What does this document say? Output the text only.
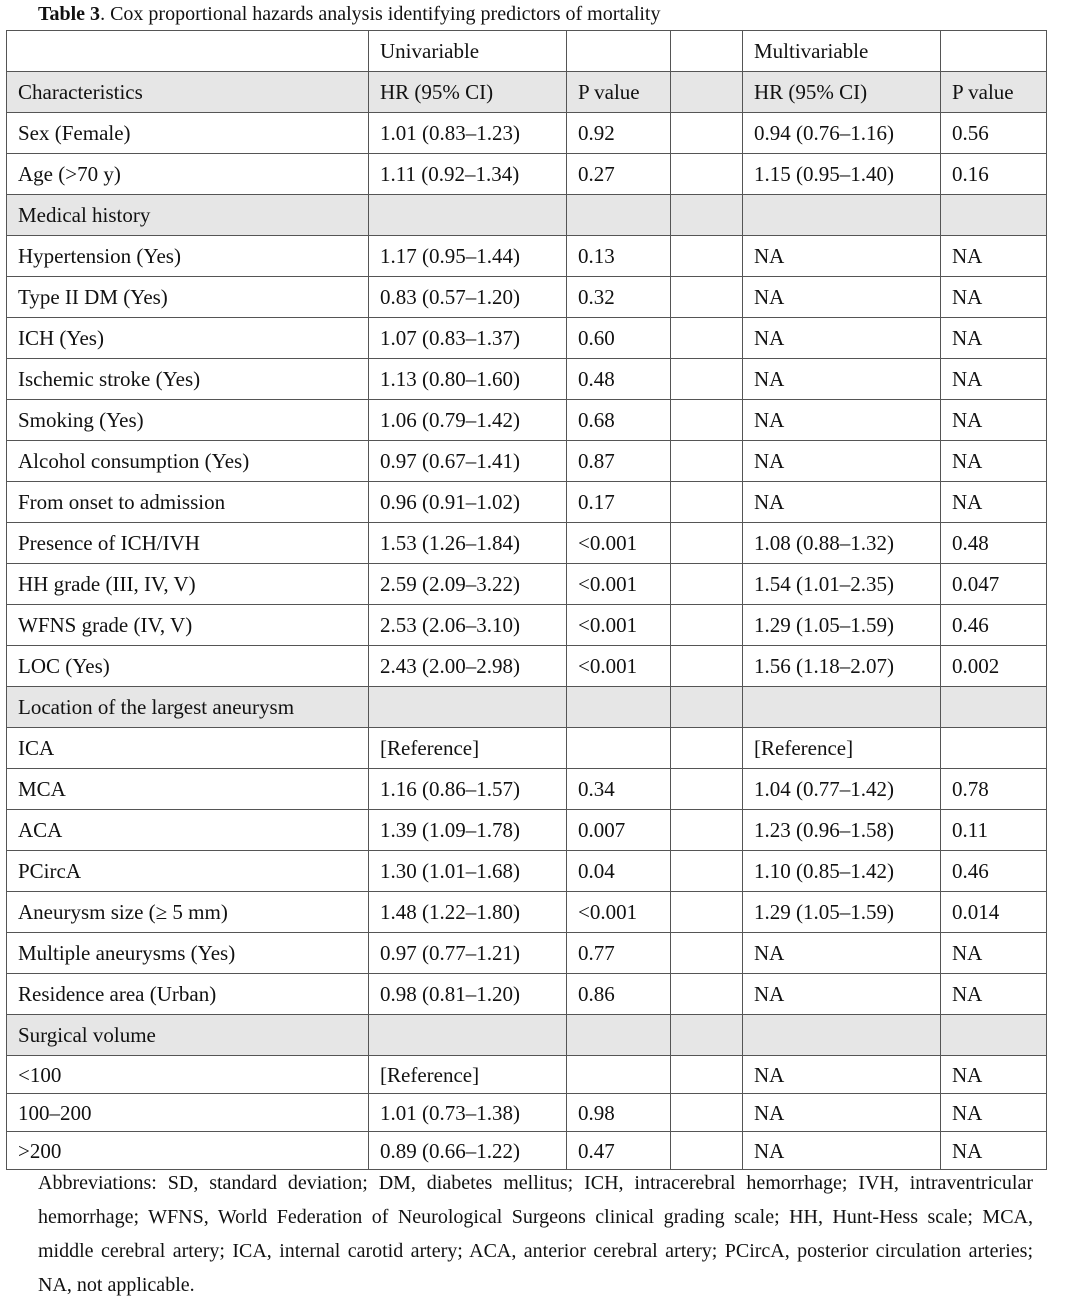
Table 3. Cox proportional hazards analysis identifying predictors of mortality
	Univariable			Multivariable	
Characteristics	HR (95% CI)	P value		HR (95% CI)	P value
Sex (Female)	1.01 (0.83–1.23)	0.92		0.94 (0.76–1.16)	0.56
Age (>70 y)	1.11 (0.92–1.34)	0.27		1.15 (0.95–1.40)	0.16
Medical history					
Hypertension (Yes)	1.17 (0.95–1.44)	0.13		NA	NA
Type II DM (Yes)	0.83 (0.57–1.20)	0.32		NA	NA
ICH (Yes)	1.07 (0.83–1.37)	0.60		NA	NA
Ischemic stroke (Yes)	1.13 (0.80–1.60)	0.48		NA	NA
Smoking (Yes)	1.06 (0.79–1.42)	0.68		NA	NA
Alcohol consumption (Yes)	0.97 (0.67–1.41)	0.87		NA	NA
From onset to admission	0.96 (0.91–1.02)	0.17		NA	NA
Presence of ICH/IVH	1.53 (1.26–1.84)	<0.001		1.08 (0.88–1.32)	0.48
HH grade (III, IV, V)	2.59 (2.09–3.22)	<0.001		1.54 (1.01–2.35)	0.047
WFNS grade (IV, V)	2.53 (2.06–3.10)	<0.001		1.29 (1.05–1.59)	0.46
LOC (Yes)	2.43 (2.00–2.98)	<0.001		1.56 (1.18–2.07)	0.002
Location of the largest aneurysm					
ICA	[Reference]			[Reference]	
MCA	1.16 (0.86–1.57)	0.34		1.04 (0.77–1.42)	0.78
ACA	1.39 (1.09–1.78)	0.007		1.23 (0.96–1.58)	0.11
PCircA	1.30 (1.01–1.68)	0.04		1.10 (0.85–1.42)	0.46
Aneurysm size (≥ 5 mm)	1.48 (1.22–1.80)	<0.001		1.29 (1.05–1.59)	0.014
Multiple aneurysms (Yes)	0.97 (0.77–1.21)	0.77		NA	NA
Residence area (Urban)	0.98 (0.81–1.20)	0.86		NA	NA
Surgical volume					
<100	[Reference]			NA	NA
100–200	1.01 (0.73–1.38)	0.98		NA	NA
>200	0.89 (0.66–1.22)	0.47		NA	NA
Abbreviations: SD, standard deviation; DM, diabetes mellitus; ICH, intracerebral hemorrhage; IVH, intraventricular hemorrhage; WFNS, World Federation of Neurological Surgeons clinical grading scale; HH, Hunt-Hess scale; MCA, middle cerebral artery; ICA, internal carotid artery; ACA, anterior cerebral artery; PCircA, posterior circulation arteries; NA, not applicable.
